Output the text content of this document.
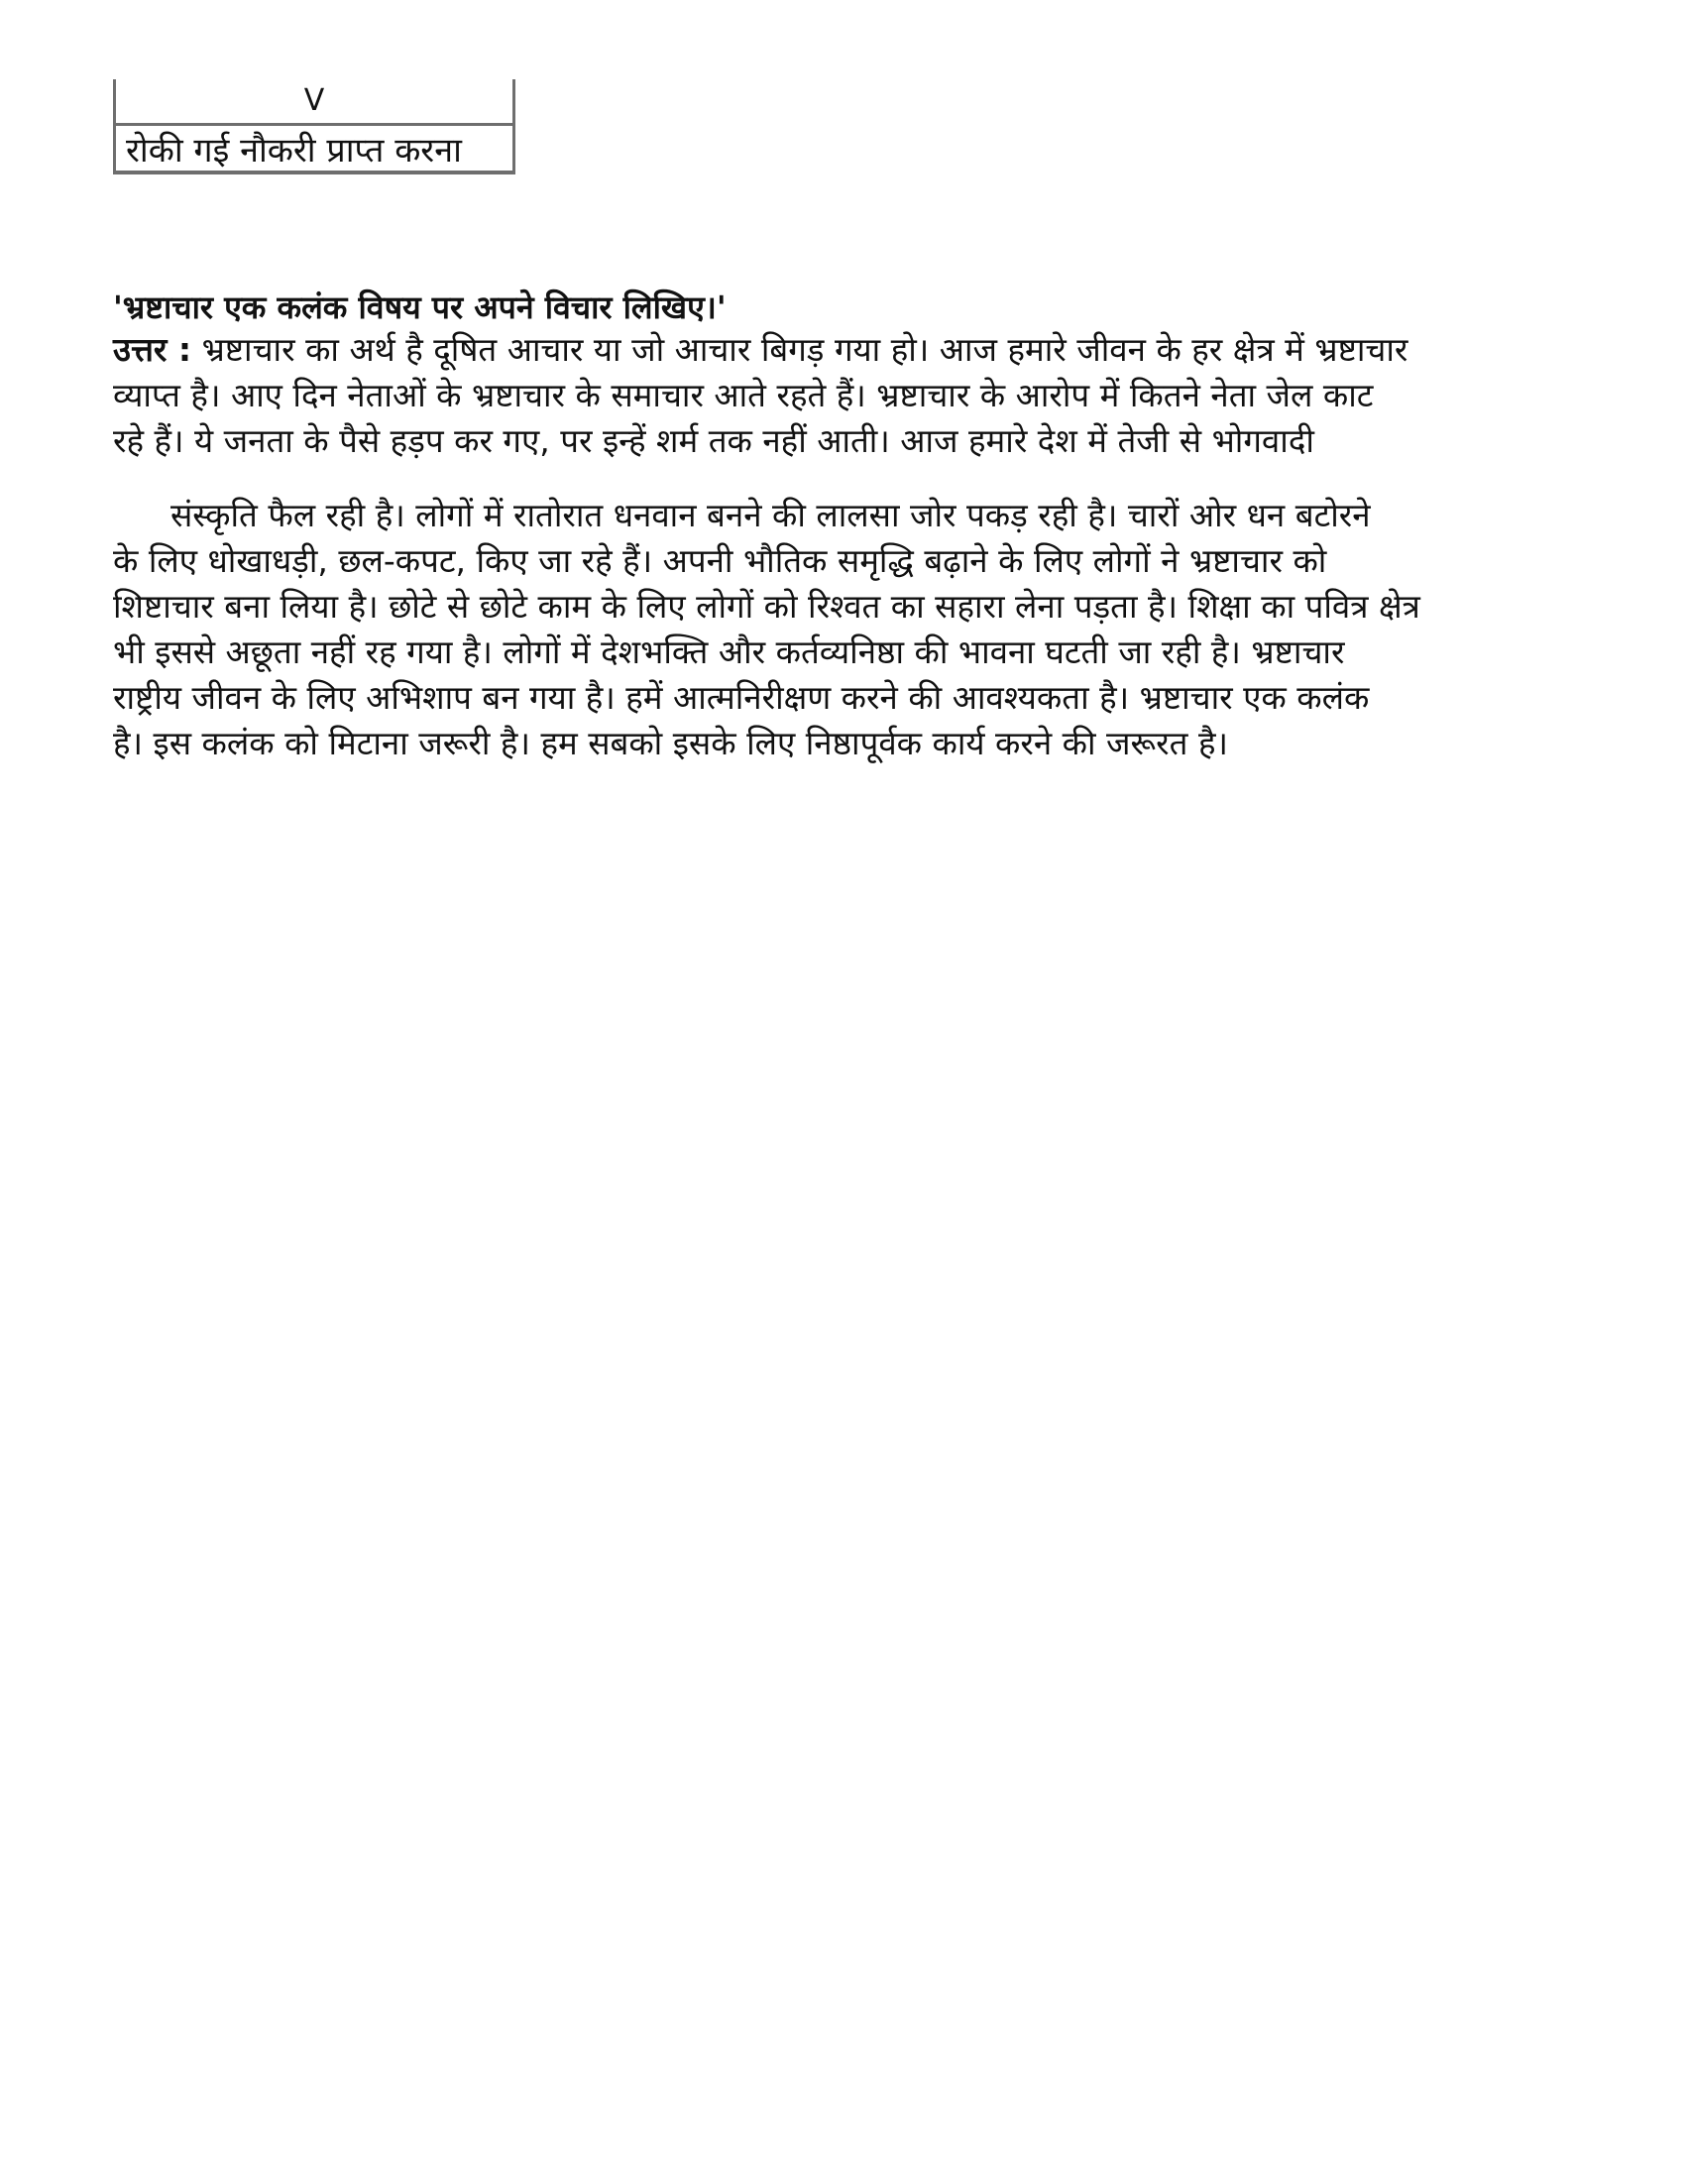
V
रोकी गई नौकरी प्राप्त करना
'भ्रष्टाचार एक कलंक विषय पर अपने विचार लिखिए।'

उत्तर : भ्रष्टाचार का अर्थ है दूषित आचार या जो आचार बिगड़ गया हो। आज हमारे जीवन के हर क्षेत्र में भ्रष्टाचार

व्याप्त है। आए दिन नेताओं के भ्रष्टाचार के समाचार आते रहते हैं। भ्रष्टाचार के आरोप में कितने नेता जेल काट

रहे हैं। ये जनता के पैसे हड़प कर गए, पर इन्हें शर्म तक नहीं आती। आज हमारे देश में तेजी से भोगवादी

संस्कृति फैल रही है। लोगों में रातोरात धनवान बनने की लालसा जोर पकड़ रही है। चारों ओर धन बटोरने

के लिए धोखाधड़ी, छल-कपट, किए जा रहे हैं। अपनी भौतिक समृद्धि बढ़ाने के लिए लोगों ने भ्रष्टाचार को

शिष्टाचार बना लिया है। छोटे से छोटे काम के लिए लोगों को रिश्वत का सहारा लेना पड़ता है। शिक्षा का पवित्र क्षेत्र

भी इससे अछूता नहीं रह गया है। लोगों में देशभक्ति और कर्तव्यनिष्ठा की भावना घटती जा रही है। भ्रष्टाचार

राष्ट्रीय जीवन के लिए अभिशाप बन गया है। हमें आत्मनिरीक्षण करने की आवश्यकता है। भ्रष्टाचार एक कलंक

है। इस कलंक को मिटाना जरूरी है। हम सबको इसके लिए निष्ठापूर्वक कार्य करने की जरूरत है।
